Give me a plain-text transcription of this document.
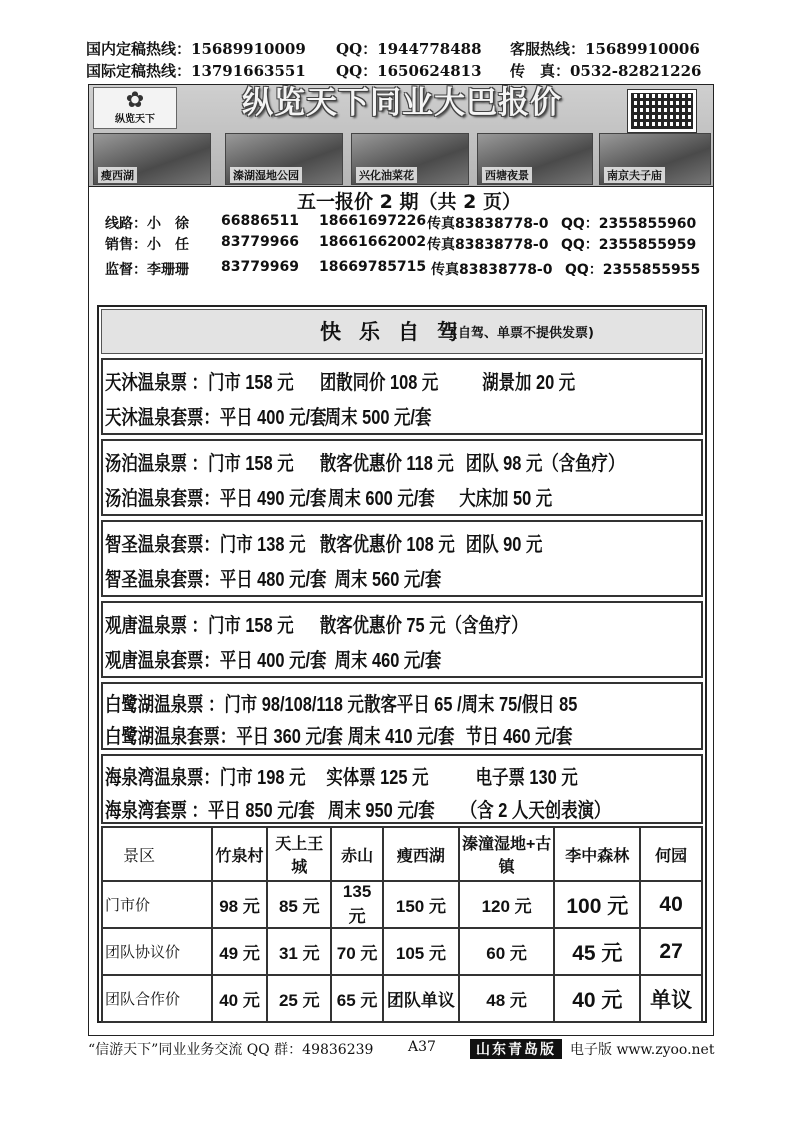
国内定稿热线：15689910009 QQ：1944778488 客服热线：15689910006
国际定稿热线：13791663551 QQ：1650624813 传　真：0532-82821226
✿
纵览天下	纵览天下同业大巴报价
瘦西湖	溱湖湿地公园	兴化油菜花	西塘夜景	南京夫子庙
五一报价 2 期（共 2 页）
线路：小　徐 66886511 18661697226 传真83838778-0 QQ：2355855960
销售：小　任 83779966 18661662002 传真83838778-0 QQ：2355855959
监督：李珊珊 83779969 18669785715 传真83838778-0 QQ：2355855955
快乐自驾
(自驾、单票不提供发票)
天沐温泉票 ：门市 158 元 团散同价 108 元 湖景加 20 元
天沐温泉套票：平日 400 元/套
周末 500 元/套
汤泊温泉票 ：门市 158 元 散客优惠价 118 元 团队 98 元（含鱼疗）
汤泊温泉套票：平日 490 元/套 周末 600 元/套 大床加 50 元
智圣温泉套票：门市 138 元 散客优惠价 108 元 团队 90 元
智圣温泉套票：平日 480 元/套 周末 560 元/套
观唐温泉票 ：门市 158 元 散客优惠价 75 元（含鱼疗）
观唐温泉套票：平日 400 元/套 周末 460 元/套
白鹭湖温泉票 ：门市 98/108/118 元 散客平日 65 /周末 75/假日 85
白鹭湖温泉套票：平日 360 元/套 周末 410 元/套 节日 460 元/套
海泉湾温泉票：门市 198 元 实体票 125 元 电子票 130 元
海泉湾套票 ：平日 850 元/套 周末 950 元/套 （含 2 人天创表演）
景区	竹泉村	天上王城	赤山	瘦西湖	溱潼湿地+古镇	李中森林	何园
门市价	98 元	85 元	135 元	150 元	120 元	100 元	40
团队协议价	49 元	31 元	70 元	105 元	60 元	45 元	27
团队合作价	40 元	25 元	65 元	团队单议	48 元	40 元	单议
“信游天下”同业业务交流 QQ 群：49836239 A37	山东青岛版	电子版 www.zyoo.net
